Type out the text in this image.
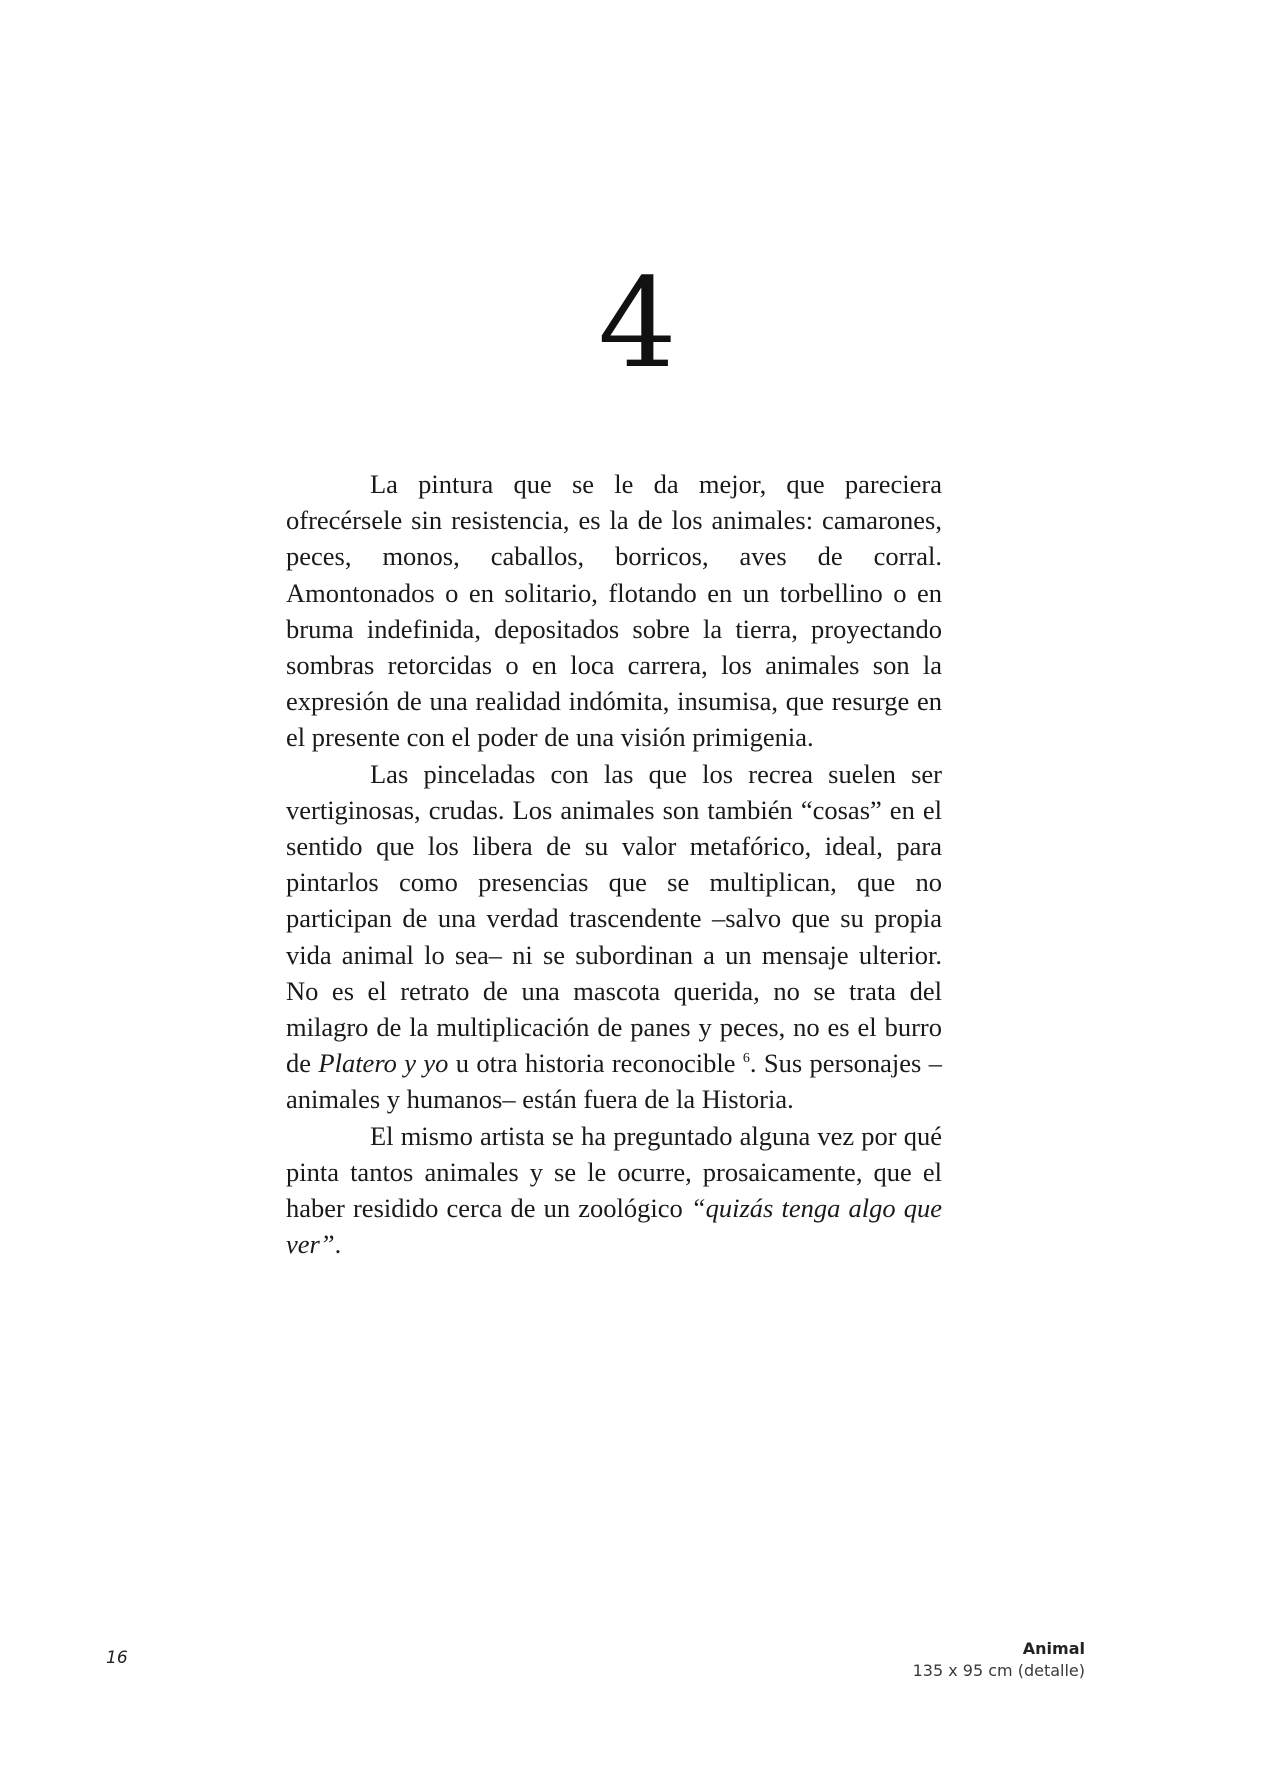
4

La pintura que se le da mejor, que pareciera ofrecérsele sin resistencia, es la de los animales: camarones, peces, monos, caballos, borricos, aves de corral. Amontonados o en solitario, flotando en un torbellino o en bruma indefinida, depositados sobre la tierra, proyectando sombras retorcidas o en loca carrera, los animales son la expresión de una realidad indómita, insumisa, que resurge en el presente con el poder de una visión primigenia.

Las pinceladas con las que los recrea suelen ser vertiginosas, crudas. Los animales son también “cosas” en el sentido que los libera de su valor metafórico, ideal, para pintarlos como presencias que se multiplican, que no participan de una verdad trascendente –salvo que su propia vida animal lo sea– ni se subordinan a un mensaje ulterior. No es el retrato de una mascota querida, no se trata del milagro de la multiplicación de panes y peces, no es el burro de Platero y yo u otra historia reconocible $^6$. Sus personajes –animales y humanos– están fuera de la Historia.

El mismo artista se ha preguntado alguna vez por qué pinta tantos animales y se le ocurre, prosaicamente, que el haber residido cerca de un zoológico “quizás tenga algo que ver”.

Animal
135 x 95 cm (detalle)
16
